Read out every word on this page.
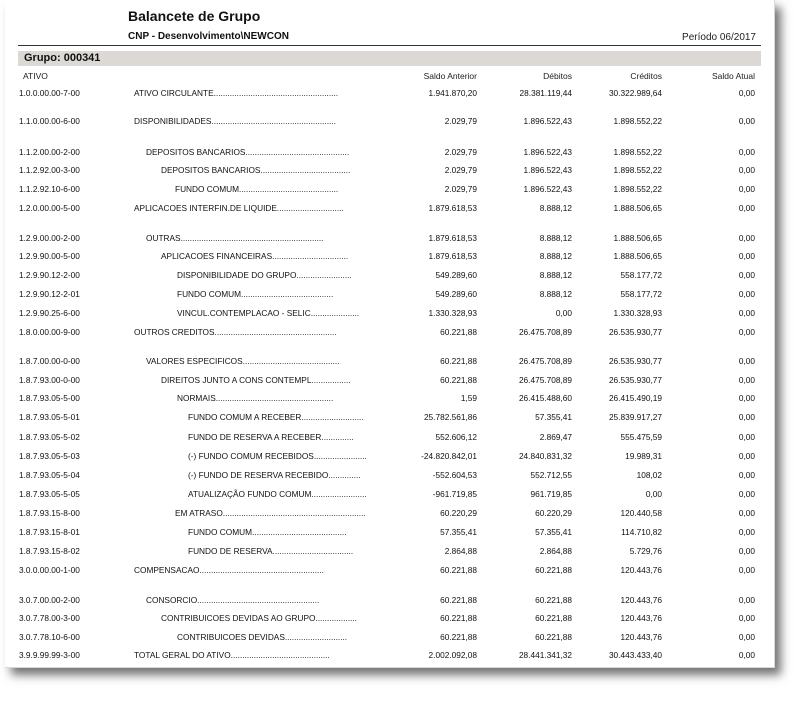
Balancete de Grupo
CNP - Desenvolvimento\NEWCON	Período 06/2017
Grupo: 000341
ATIVO	Saldo Anterior	Débitos	Créditos	Saldo Atual
1.0.0.00.00-7-00	ATIVO CIRCULANTE......................................................	1.941.870,20	28.381.119,44	30.322.989,64	0,00
1.1.0.00.00-6-00	DISPONIBILIDADES......................................................	2.029,79	1.896.522,43	1.898.552,22	0,00
1.1.2.00.00-2-00	DEPOSITOS BANCARIOS.............................................	2.029,79	1.896.522,43	1.898.552,22	0,00
1.1.2.92.00-3-00	DEPOSITOS BANCARIOS.......................................	2.029,79	1.896.522,43	1.898.552,22	0,00
1.1.2.92.10-6-00	FUNDO COMUM...........................................	2.029,79	1.896.522,43	1.898.552,22	0,00
1.2.0.00.00-5-00	APLICACOES INTERFIN.DE LIQUIDE.............................	1.879.618,53	8.888,12	1.888.506,65	0,00
1.2.9.00.00-2-00	OUTRAS..............................................................	1.879.618,53	8.888,12	1.888.506,65	0,00
1.2.9.90.00-5-00	APLICACOES FINANCEIRAS.................................	1.879.618,53	8.888,12	1.888.506,65	0,00
1.2.9.90.12-2-00	DISPONIBILIDADE DO GRUPO........................	549.289,60	8.888,12	558.177,72	0,00
1.2.9.90.12-2-01	FUNDO COMUM........................................	549.289,60	8.888,12	558.177,72	0,00
1.2.9.90.25-6-00	VINCUL.CONTEMPLACAO - SELIC.....................	1.330.328,93	0,00	1.330.328,93	0,00
1.8.0.00.00-9-00	OUTROS CREDITOS.....................................................	60.221,88	26.475.708,89	26.535.930,77	0,00
1.8.7.00.00-0-00	VALORES ESPECIFICOS..........................................	60.221,88	26.475.708,89	26.535.930,77	0,00
1.8.7.93.00-0-00	DIREITOS JUNTO A CONS CONTEMPL.................	60.221,88	26.475.708,89	26.535.930,77	0,00
1.8.7.93.05-5-00	NORMAIS...................................................	1,59	26.415.488,60	26.415.490,19	0,00
1.8.7.93.05-5-01	FUNDO COMUM A RECEBER...........................	25.782.561,86	57.355,41	25.839.917,27	0,00
1.8.7.93.05-5-02	FUNDO DE RESERVA A RECEBER..............	552.606,12	2.869,47	555.475,59	0,00
1.8.7.93.05-5-03	(-) FUNDO COMUM RECEBIDOS.......................	-24.820.842,01	24.840.831,32	19.989,31	0,00
1.8.7.93.05-5-04	(-) FUNDO DE RESERVA RECEBIDO..............	-552.604,53	552.712,55	108,02	0,00
1.8.7.93.05-5-05	ATUALIZAÇÃO FUNDO COMUM........................	-961.719,85	961.719,85	0,00	0,00
1.8.7.93.15-8-00	EM ATRASO..............................................................	60.220,29	60.220,29	120.440,58	0,00
1.8.7.93.15-8-01	FUNDO COMUM.........................................	57.355,41	57.355,41	114.710,82	0,00
1.8.7.93.15-8-02	FUNDO DE RESERVA...................................	2.864,88	2.864,88	5.729,76	0,00
3.0.0.00.00-1-00	COMPENSACAO......................................................	60.221,88	60.221,88	120.443,76	0,00
3.0.7.00.00-2-00	CONSORCIO.....................................................	60.221,88	60.221,88	120.443,76	0,00
3.0.7.78.00-3-00	CONTRIBUICOES DEVIDAS AO GRUPO..................	60.221,88	60.221,88	120.443,76	0,00
3.0.7.78.10-6-00	CONTRIBUICOES DEVIDAS...........................	60.221,88	60.221,88	120.443,76	0,00
3.9.9.99.99-3-00	TOTAL GERAL DO ATIVO...........................................	2.002.092,08	28.441.341,32	30.443.433,40	0,00
